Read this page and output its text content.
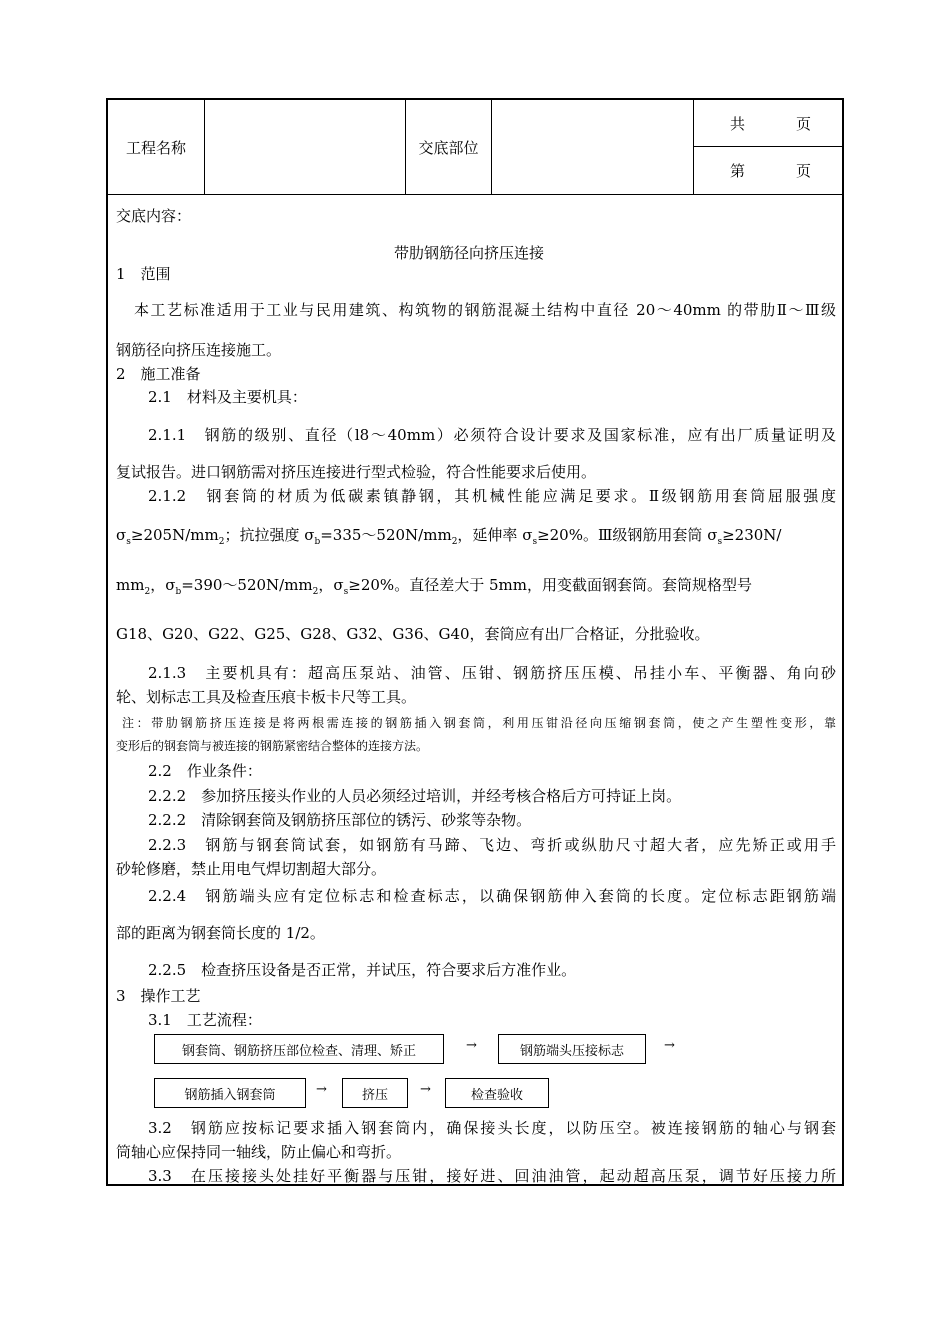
工程名称	交底部位
共	页
第	页
交底内容：
带肋钢筋径向挤压连接
1　范围
本工艺标准适用于工业与民用建筑、构筑物的钢筋混凝土结构中直径 20～40mm 的带肋Ⅱ～Ⅲ级
钢筋径向挤压连接施工。
2　施工准备
2.1　材料及主要机具：
2.1.1　钢筋的级别、直径（l8～40mm）必须符合设计要求及国家标准，应有出厂质量证明及
复试报告。进口钢筋需对挤压连接进行型式检验，符合性能要求后使用。
2.1.2　钢套筒的材质为低碳素镇静钢，其机械性能应满足要求。Ⅱ级钢筋用套筒屈服强度
$\sigma_s\ge 205N/mm_2$；抗拉强度 $\sigma_b=335\sim 520N/mm_2$，延伸率 $\sigma_s\ge 20\%$。Ⅲ级钢筋用套筒 $\sigma_s\ge 230N/$
$mm_2$，$\sigma_b=390\sim 520N/mm_2$，$\sigma_s\ge 20\%$。直径差大于 5mm，用变截面钢套筒。套筒规格型号
G18、G20、G22、G25、G28、G32、G36、G40，套筒应有出厂合格证，分批验收。
2.1.3　主要机具有：超高压泵站、油管、压钳、钢筋挤压压模、吊挂小车、平衡器、角向砂
轮、划标志工具及检查压痕卡板卡尺等工具。
注：带肋钢筋挤压连接是将两根需连接的钢筋插入钢套筒，利用压钳沿径向压缩钢套筒，使之产生塑性变形，靠
变形后的钢套筒与被连接的钢筋紧密结合整体的连接方法。
2.2　作业条件：
2.2.2　参加挤压接头作业的人员必须经过培训，并经考核合格后方可持证上岗。
2.2.2　清除钢套筒及钢筋挤压部位的锈污、砂浆等杂物。
2.2.3　钢筋与钢套筒试套，如钢筋有马蹄、飞边、弯折或纵肋尺寸超大者，应先矫正或用手
砂轮修磨，禁止用电气焊切割超大部分。
2.2.4　钢筋端头应有定位标志和检查标志，以确保钢筋伸入套筒的长度。定位标志距钢筋端
部的距离为钢套筒长度的 1/2。
2.2.5　检查挤压设备是否正常，并试压，符合要求后方准作业。
3　操作工艺
3.1　工艺流程：
钢套筒、钢筋挤压部位检查、清理、矫正	→	钢筋端头压接标志	→
钢筋插入钢套筒	→	挤压	→	检查验收
3.2　钢筋应按标记要求插入钢套筒内，确保接头长度，以防压空。被连接钢筋的轴心与钢套
筒轴心应保持同一轴线，防止偏心和弯折。
3.3　在压接接头处挂好平衡器与压钳，接好进、回油油管，起动超高压泵，调节好压接力所
